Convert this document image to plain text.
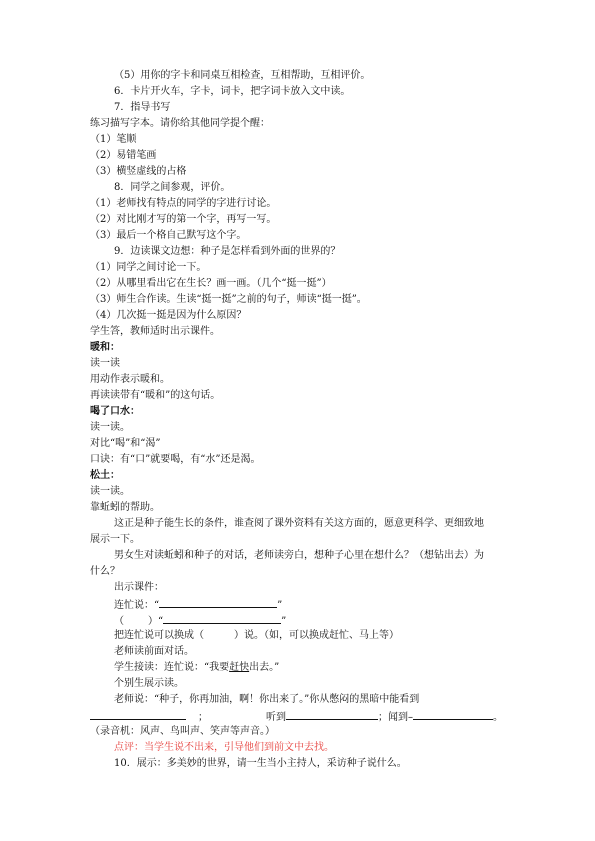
（5）用你的字卡和同桌互相检查，互相帮助，互相评价。
6．卡片开火车，字卡，词卡，把字词卡放入文中读。
7．指导书写
练习描写字本。请你给其他同学提个醒：
（1）笔顺
（2）易错笔画
（3）横竖虚线的占格
8．同学之间参观，评价。
（1）老师找有特点的同学的字进行讨论。
（2）对比刚才写的第一个字，再写一写。
（3）最后一个格自己默写这个字。
9．边读课文边想：种子是怎样看到外面的世界的？
（1）同学之间讨论一下。
（2）从哪里看出它在生长？画一画。（几个“挺一挺”）
（3）师生合作读。生读“挺一挺”之前的句子，师读“挺一挺”。
（4）几次挺一挺是因为什么原因？
学生答，教师适时出示课件。
暖和：
读一读
用动作表示暖和。
再读读带有“暖和”的这句话。
喝了口水：
读一读。
对比“喝”和“渴”
口诀：有“口”就要喝，有“水”还是渴。
松土：
读一读。
靠蚯蚓的帮助。
这正是种子能生长的条件，谁查阅了课外资料有关这方面的，愿意更科学、更细致地
展示一下。
男女生对读蚯蚓和种子的对话，老师读旁白，想种子心里在想什么？（想钻出去）为
什么？
出示课件：
连忙说：“	”
（ ）“	”
把连忙说可以换成（	）说。（如，可以换成赶忙、马上等）
老师读前面对话。
学生接读：连忙说：“我要赶快出去。”
个别生展示读。
老师说：“种子，你再加油，啊！你出来了。”你从憋闷的黑暗中能看到
；	听到	；闻到–	。
（录音机：风声、鸟叫声、笑声等声音。）
点评：当学生说不出来，引导他们到前文中去找。
10．展示：多美妙的世界，请一生当小主持人，采访种子说什么。
